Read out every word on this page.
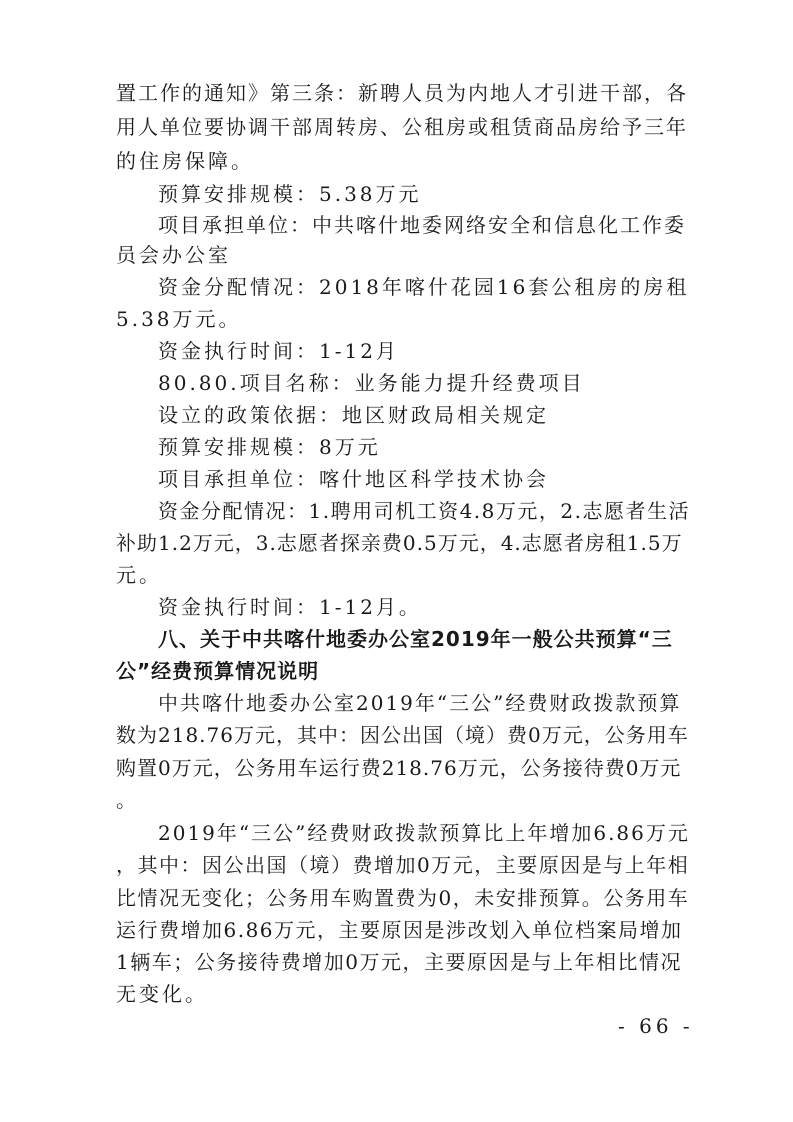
置工作的通知》第三条：新聘人员为内地人才引进干部，各
用人单位要协调干部周转房、公租房或租赁商品房给予三年
的住房保障。
预算安排规模：5.38万元
项目承担单位：中共喀什地委网络安全和信息化工作委
员会办公室
资金分配情况：2018年喀什花园16套公租房的房租
5.38万元。
资金执行时间：1-12月
80.80.项目名称：业务能力提升经费项目
设立的政策依据：地区财政局相关规定
预算安排规模：8万元
项目承担单位：喀什地区科学技术协会
资金分配情况：1.聘用司机工资4.8万元，2.志愿者生活
补助1.2万元，3.志愿者探亲费0.5万元，4.志愿者房租1.5万
元。
资金执行时间：1-12月。
八、关于中共喀什地委办公室2019年一般公共预算“三
公”经费预算情况说明
中共喀什地委办公室2019年“三公”经费财政拨款预算
数为218.76万元，其中：因公出国（境）费0万元，公务用车
购置0万元，公务用车运行费218.76万元，公务接待费0万元
。
2019年“三公”经费财政拨款预算比上年增加6.86万元
，其中：因公出国（境）费增加0万元，主要原因是与上年相
比情况无变化；公务用车购置费为0，未安排预算。公务用车
运行费增加6.86万元，主要原因是涉改划入单位档案局增加
1辆车；公务接待费增加0万元，主要原因是与上年相比情况
无变化。
- 66 -
